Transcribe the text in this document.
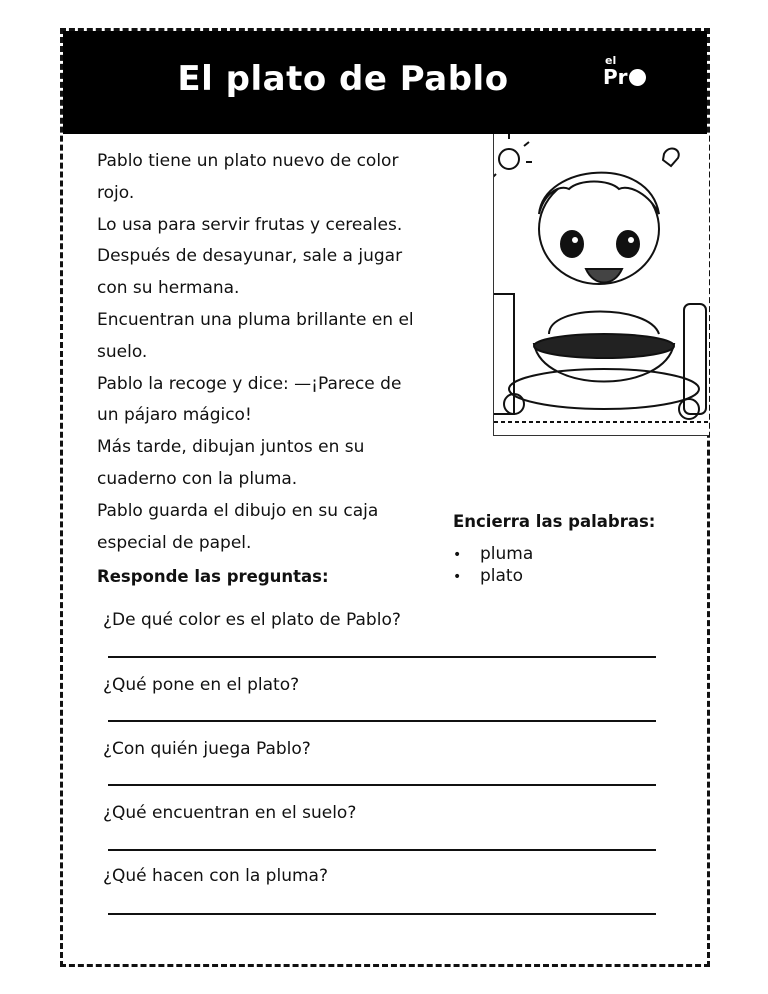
El plato de Pablo	el
Pr

Pablo tiene un plato nuevo de color

rojo.

Lo usa para servir frutas y cereales.

Después de desayunar, sale a jugar

con su hermana.

Encuentran una pluma brillante en el

suelo.

Pablo la recoge y dice: —¡Parece de

un pájaro mágico!

Más tarde, dibujan juntos en su

cuaderno con la pluma.

Pablo guarda el dibujo en su caja

especial de papel.

Encierra las palabras:
• pluma
• plato
Responde las preguntas:
¿De qué color es el plato de Pablo?
¿Qué pone en el plato?
¿Con quién juega Pablo?
¿Qué encuentran en el suelo?
¿Qué hacen con la pluma?
